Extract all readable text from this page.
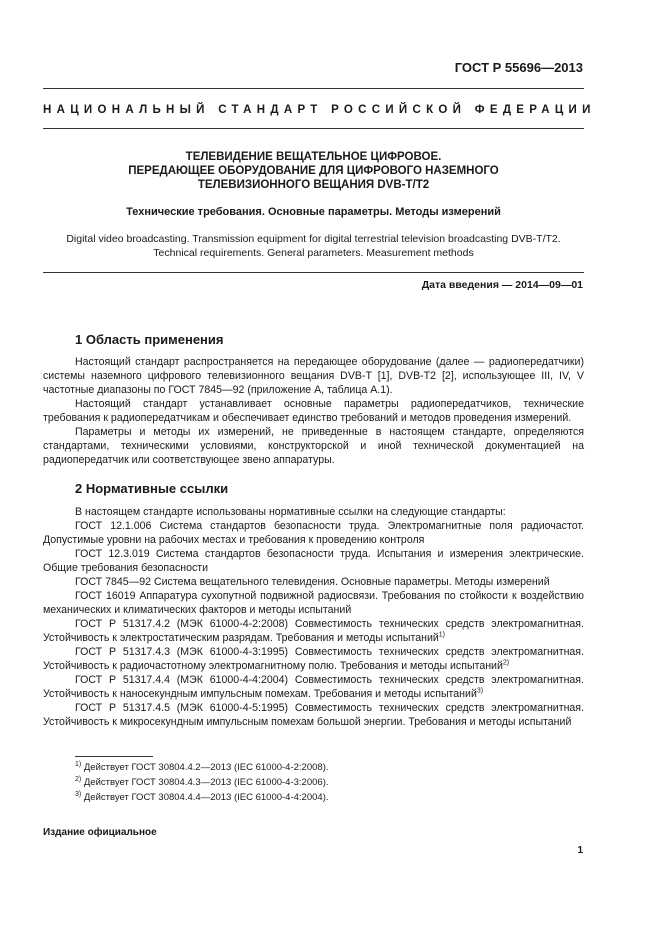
ГОСТ Р 55696—2013
НАЦИОНАЛЬНЫЙ СТАНДАРТ РОССИЙСКОЙ ФЕДЕРАЦИИ
ТЕЛЕВИДЕНИЕ ВЕЩАТЕЛЬНОЕ ЦИФРОВОЕ.
ПЕРЕДАЮЩЕЕ ОБОРУДОВАНИЕ ДЛЯ ЦИФРОВОГО НАЗЕМНОГО
ТЕЛЕВИЗИОННОГО ВЕЩАНИЯ DVB-T/T2
Технические требования. Основные параметры. Методы измерений
Digital video broadcasting. Transmission equipment for digital terrestrial television broadcasting DVB-T/T2.
Technical requirements. General parameters. Measurement methods
Дата введения — 2014—09—01
1 Область применения

Настоящий стандарт распространяется на передающее оборудование (далее — радиопередатчики) системы наземного цифрового телевизионного вещания DVB-T [1], DVB-T2 [2], использующее III, IV, V частотные диапазоны по ГОСТ 7845—92 (приложение А, таблица А.1).

Настоящий стандарт устанавливает основные параметры радиопередатчиков, технические требования к радиопередатчикам и обеспечивает единство требований и методов проведения измерений.

Параметры и методы их измерений, не приведенные в настоящем стандарте, определяются стандартами, техническими условиями, конструкторской и иной технической документацией на радиопередатчик или соответствующее звено аппаратуры.

2 Нормативные ссылки

В настоящем стандарте использованы нормативные ссылки на следующие стандарты:

ГОСТ 12.1.006 Система стандартов безопасности труда. Электромагнитные поля радиочастот. Допустимые уровни на рабочих местах и требования к проведению контроля

ГОСТ 12.3.019 Система стандартов безопасности труда. Испытания и измерения электрические. Общие требования безопасности

ГОСТ 7845—92 Система вещательного телевидения. Основные параметры. Методы измерений

ГОСТ 16019 Аппаратура сухопутной подвижной радиосвязи. Требования по стойкости к воздействию механических и климатических факторов и методы испытаний

ГОСТ Р 51317.4.2 (МЭК 61000-4-2:2008) Совместимость технических средств электромагнитная. Устойчивость к электростатическим разрядам. Требования и методы испытаний$^{1)}$

ГОСТ Р 51317.4.3 (МЭК 61000-4-3:1995) Совместимость технических средств электромагнитная. Устойчивость к радиочастотному электромагнитному полю. Требования и методы испытаний$^{2)}$

ГОСТ Р 51317.4.4 (МЭК 61000-4-4:2004) Совместимость технических средств электромагнитная. Устойчивость к наносекундным импульсным помехам. Требования и методы испытаний$^{3)}$

ГОСТ Р 51317.4.5 (МЭК 61000-4-5:1995) Совместимость технических средств электромагнитная. Устойчивость к микросекундным импульсным помехам большой энергии. Требования и методы испытаний

$^{1)}$ Действует ГОСТ 30804.4.2—2013 (IEC 61000-4-2:2008).
$^{2)}$ Действует ГОСТ 30804.4.3—2013 (IEC 61000-4-3:2006).
$^{3)}$ Действует ГОСТ 30804.4.4—2013 (IEC 61000-4-4:2004).
Издание официальное
1
